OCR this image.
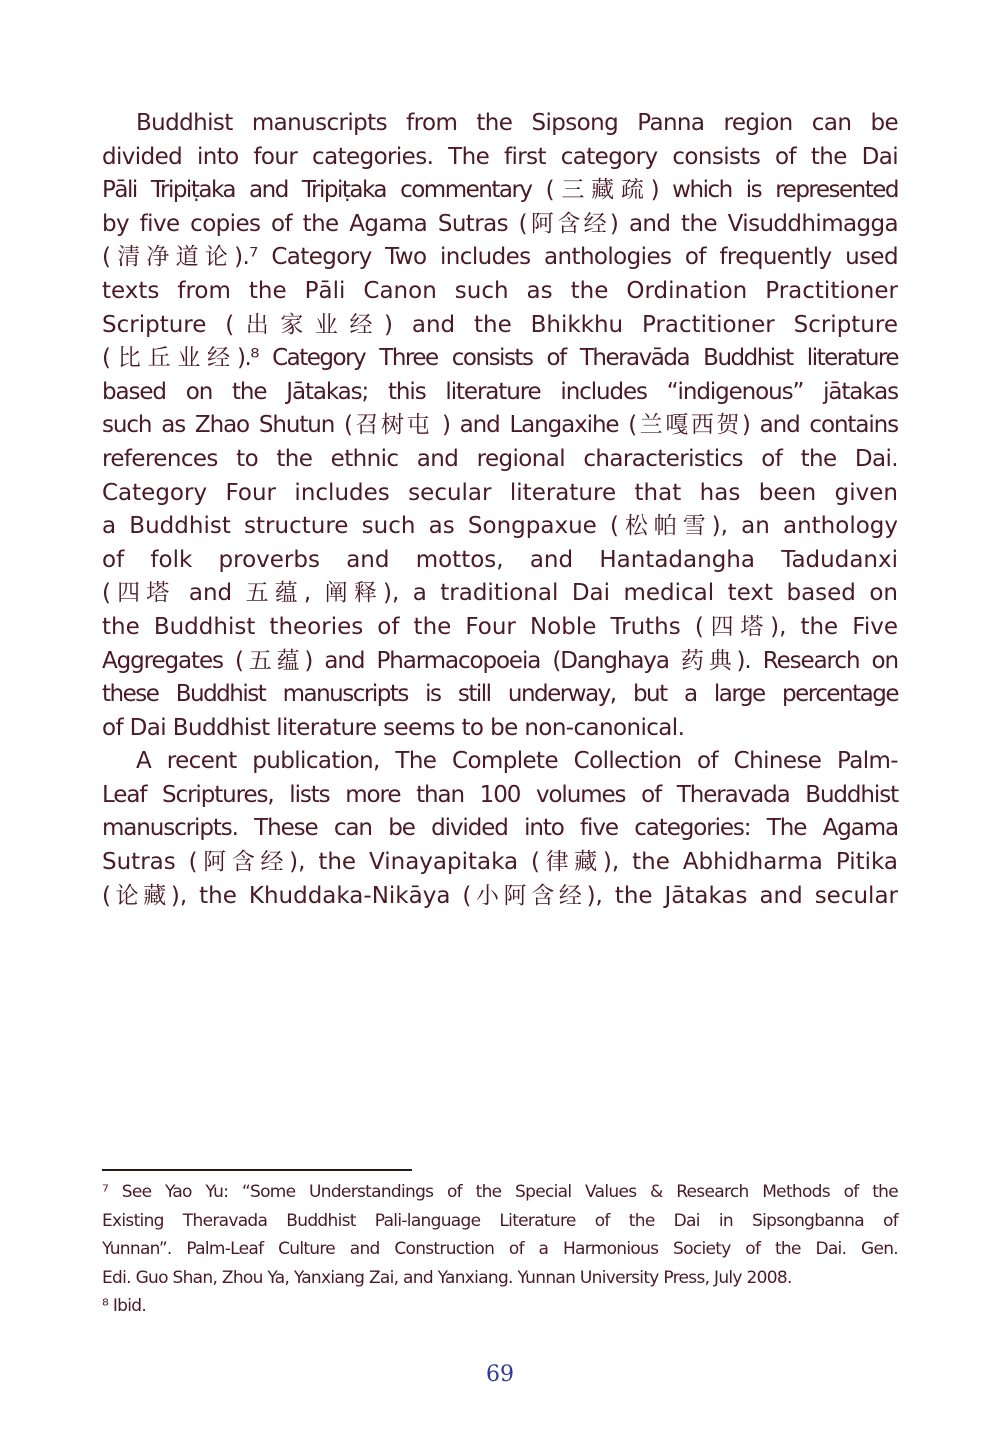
Buddhist manuscripts from the Sipsong Panna region can be
divided into four categories. The first category consists of the Dai
Pāli Tripiṭaka and Tripiṭaka commentary (三藏疏) which is represented
by five copies of the Agama Sutras (阿含经) and the Visuddhimagga
(清净道论).⁷ Category Two includes anthologies of frequently used
texts from the Pāli Canon such as the Ordination Practitioner
Scripture (出家业经) and the Bhikkhu Practitioner Scripture
(比丘业经).⁸ Category Three consists of Theravāda Buddhist literature
based on the Jātakas; this literature includes “indigenous” jātakas
such as Zhao Shutun (召树屯 ) and Langaxihe (兰嘎西贺) and contains
references to the ethnic and regional characteristics of the Dai.
Category Four includes secular literature that has been given
a Buddhist structure such as Songpaxue (松帕雪), an anthology
of folk proverbs and mottos, and Hantadangha Tadudanxi
(四塔 and 五蕴, 阐释), a traditional Dai medical text based on
the Buddhist theories of the Four Noble Truths (四塔), the Five
Aggregates (五蕴) and Pharmacopoeia (Danghaya 药典). Research on
these Buddhist manuscripts is still underway, but a large percentage
of Dai Buddhist literature seems to be non-canonical.
A recent publication, The Complete Collection of Chinese Palm-
Leaf Scriptures, lists more than 100 volumes of Theravada Buddhist
manuscripts. These can be divided into five categories: The Agama
Sutras (阿含经), the Vinayapitaka (律藏), the Abhidharma Pitika
(论藏), the Khuddaka-Nikāya (小阿含经), the Jātakas and secular
⁷ See Yao Yu: “Some Understandings of the Special Values & Research Methods of the
Existing Theravada Buddhist Pali-language Literature of the Dai in Sipsongbanna of
Yunnan”. Palm-Leaf Culture and Construction of a Harmonious Society of the Dai. Gen.
Edi. Guo Shan, Zhou Ya, Yanxiang Zai, and Yanxiang. Yunnan University Press, July 2008.
⁸ Ibid.
69
